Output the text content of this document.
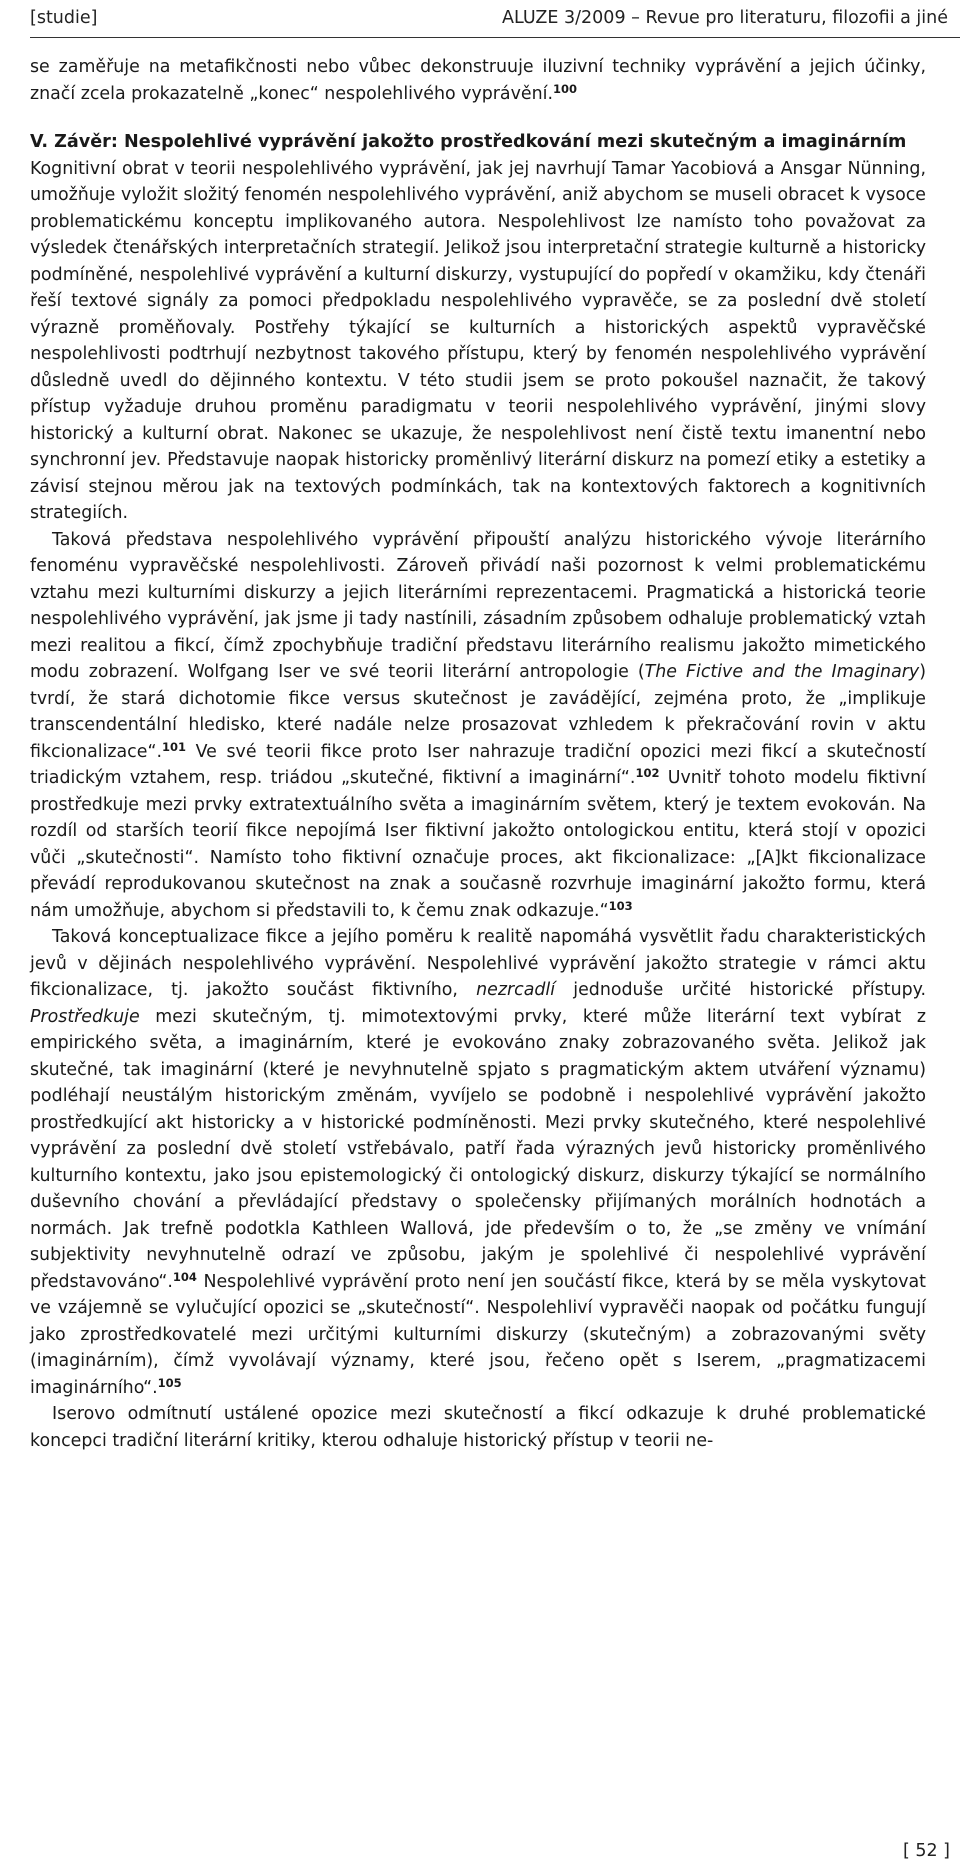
[studie]	ALUZE 3/2009 – Revue pro literaturu, filozofii a jiné

se zaměřuje na metafikčnosti nebo vůbec dekonstruuje iluzivní techniky vyprávění a jejich účinky, značí zcela prokazatelně „konec“ nespolehlivého vyprávění.$^{100}$

V. Závěr: Nespolehlivé vyprávění jakožto prostředkování mezi skutečným a imaginárním

Kognitivní obrat v teorii nespolehlivého vyprávění, jak jej navrhují Tamar Yacobiová a Ansgar Nünning, umožňuje vyložit složitý fenomén nespolehlivého vyprávění, aniž abychom se museli obracet k vysoce problematickému konceptu implikovaného autora. Nespolehlivost lze namísto toho považovat za výsledek čtenářských interpretačních strategií. Jelikož jsou interpretační strategie kulturně a historicky podmíněné, nespolehlivé vyprávění a kulturní diskurzy, vystupující do popředí v okamžiku, kdy čtenáři řeší textové signály za pomoci předpokladu nespolehlivého vypravěče, se za poslední dvě století výrazně proměňovaly. Postřehy týkající se kulturních a historických aspektů vypravěčské nespolehlivosti podtrhují nezbytnost takového přístupu, který by fenomén nespolehlivého vyprávění důsledně uvedl do dějinného kontextu. V této studii jsem se proto pokoušel naznačit, že takový přístup vyžaduje druhou proměnu paradigmatu v teorii nespolehlivého vyprávění, jinými slovy historický a kulturní obrat. Nakonec se ukazuje, že nespolehlivost není čistě textu imanentní nebo synchronní jev. Představuje naopak historicky proměnlivý literární diskurz na pomezí etiky a estetiky a závisí stejnou měrou jak na textových podmínkách, tak na kontextových faktorech a kognitivních strategiích.

Taková představa nespolehlivého vyprávění připouští analýzu historického vývoje literárního fenoménu vypravěčské nespolehlivosti. Zároveň přivádí naši pozornost k velmi problematickému vztahu mezi kulturními diskurzy a jejich literárními reprezentacemi. Pragmatická a historická teorie nespolehlivého vyprávění, jak jsme ji tady nastínili, zásadním způsobem odhaluje problematický vztah mezi realitou a fikcí, čímž zpochybňuje tradiční představu literárního realismu jakožto mimetického modu zobrazení. Wolfgang Iser ve své teorii literární antropologie (The Fictive and the Imaginary) tvrdí, že stará dichotomie fikce versus skutečnost je zavádějící, zejména proto, že „implikuje transcendentální hledisko, které nadále nelze prosazovat vzhledem k překračování rovin v aktu fikcionalizace“.$^{101}$ Ve své teorii fikce proto Iser nahrazuje tradiční opozici mezi fikcí a skutečností triadickým vztahem, resp. triádou „skutečné, fiktivní a imaginární“.$^{102}$ Uvnitř tohoto modelu fiktivní prostředkuje mezi prvky extratextuálního světa a imaginárním světem, který je textem evokován. Na rozdíl od starších teorií fikce nepojímá Iser fiktivní jakožto ontologickou entitu, která stojí v opozici vůči „skutečnosti“. Namísto toho fiktivní označuje proces, akt fikcionalizace: „[A]kt fikcionalizace převádí reprodukovanou skutečnost na znak a současně rozvrhuje imaginární jakožto formu, která nám umožňuje, abychom si představili to, k čemu znak odkazuje.“$^{103}$

Taková konceptualizace fikce a jejího poměru k realitě napomáhá vysvětlit řadu charakteristických jevů v dějinách nespolehlivého vyprávění. Nespolehlivé vyprávění jakožto strategie v rámci aktu fikcionalizace, tj. jakožto součást fiktivního, nezrcadlí jednoduše určité historické přístupy. Prostředkuje mezi skutečným, tj. mimotextovými prvky, které může literární text vybírat z empirického světa, a imaginárním, které je evokováno znaky zobrazovaného světa. Jelikož jak skutečné, tak imaginární (které je nevyhnutelně spjato s pragmatickým aktem utváření významu) podléhají neustálým historickým změnám, vyvíjelo se podobně i nespolehlivé vyprávění jakožto prostředkující akt historicky a v historické podmíněnosti. Mezi prvky skutečného, které nespolehlivé vyprávění za poslední dvě století vstřebávalo, patří řada výrazných jevů historicky proměnlivého kulturního kontextu, jako jsou epistemologický či ontologický diskurz, diskurzy týkající se normálního duševního chování a převládající představy o společensky přijímaných morálních hodnotách a normách. Jak trefně podotkla Kathleen Wallová, jde především o to, že „se změny ve vnímání subjektivity nevyhnutelně odrazí ve způsobu, jakým je spolehlivé či nespolehlivé vyprávění představováno“.$^{104}$ Nespolehlivé vyprávění proto není jen součástí fikce, která by se měla vyskytovat ve vzájemně se vylučující opozici se „skutečností“. Nespolehliví vypravěči naopak od počátku fungují jako zprostředkovatelé mezi určitými kulturními diskurzy (skutečným) a zobrazovanými světy (imaginárním), čímž vyvolávají významy, které jsou, řečeno opět s Iserem, „pragmatizacemi imaginárního“.$^{105}$

Iserovo odmítnutí ustálené opozice mezi skutečností a fikcí odkazuje k druhé problematické koncepci tradiční literární kritiky, kterou odhaluje historický přístup v teorii ne-

[ 52 ]
